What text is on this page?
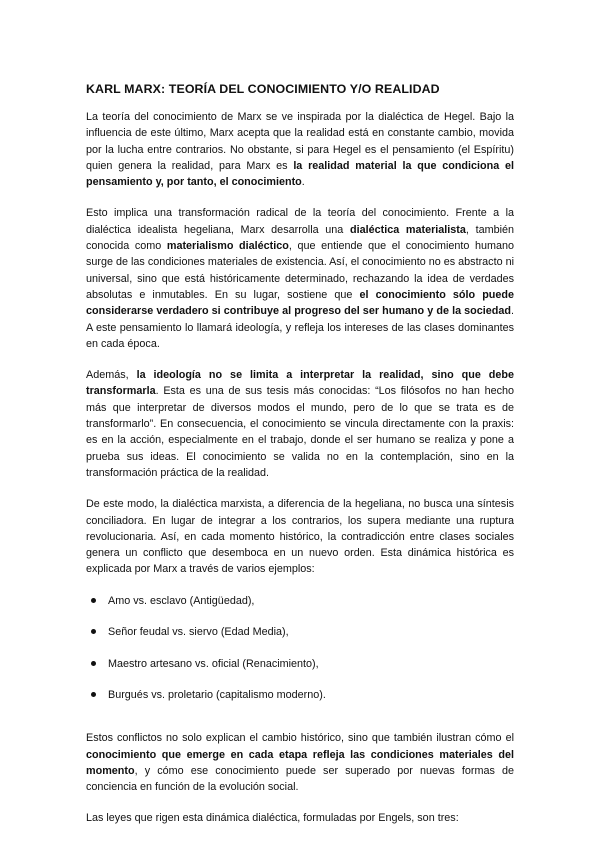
KARL MARX: TEORÍA DEL CONOCIMIENTO Y/O REALIDAD

La teoría del conocimiento de Marx se ve inspirada por la dialéctica de Hegel. Bajo la influencia de este último, Marx acepta que la realidad está en constante cambio, movida por la lucha entre contrarios. No obstante, si para Hegel es el pensamiento (el Espíritu) quien genera la realidad, para Marx es la realidad material la que condiciona el pensamiento y, por tanto, el conocimiento.

Esto implica una transformación radical de la teoría del conocimiento. Frente a la dialéctica idealista hegeliana, Marx desarrolla una dialéctica materialista, también conocida como materialismo dialéctico, que entiende que el conocimiento humano surge de las condiciones materiales de existencia. Así, el conocimiento no es abstracto ni universal, sino que está históricamente determinado, rechazando la idea de verdades absolutas e inmutables. En su lugar, sostiene que el conocimiento sólo puede considerarse verdadero si contribuye al progreso del ser humano y de la sociedad. A este pensamiento lo llamará ideología, y refleja los intereses de las clases dominantes en cada época.

Además, la ideología no se limita a interpretar la realidad, sino que debe transformarla. Esta es una de sus tesis más conocidas: “Los filósofos no han hecho más que interpretar de diversos modos el mundo, pero de lo que se trata es de transformarlo”. En consecuencia, el conocimiento se vincula directamente con la praxis: es en la acción, especialmente en el trabajo, donde el ser humano se realiza y pone a prueba sus ideas. El conocimiento se valida no en la contemplación, sino en la transformación práctica de la realidad.

De este modo, la dialéctica marxista, a diferencia de la hegeliana, no busca una síntesis conciliadora. En lugar de integrar a los contrarios, los supera mediante una ruptura revolucionaria. Así, en cada momento histórico, la contradicción entre clases sociales genera un conflicto que desemboca en un nuevo orden. Esta dinámica histórica es explicada por Marx a través de varios ejemplos:

Amo vs. esclavo (Antigüedad),
Señor feudal vs. siervo (Edad Media),
Maestro artesano vs. oficial (Renacimiento),
Burgués vs. proletario (capitalismo moderno).

Estos conflictos no solo explican el cambio histórico, sino que también ilustran cómo el conocimiento que emerge en cada etapa refleja las condiciones materiales del momento, y cómo ese conocimiento puede ser superado por nuevas formas de conciencia en función de la evolución social.

Las leyes que rigen esta dinámica dialéctica, formuladas por Engels, son tres:
